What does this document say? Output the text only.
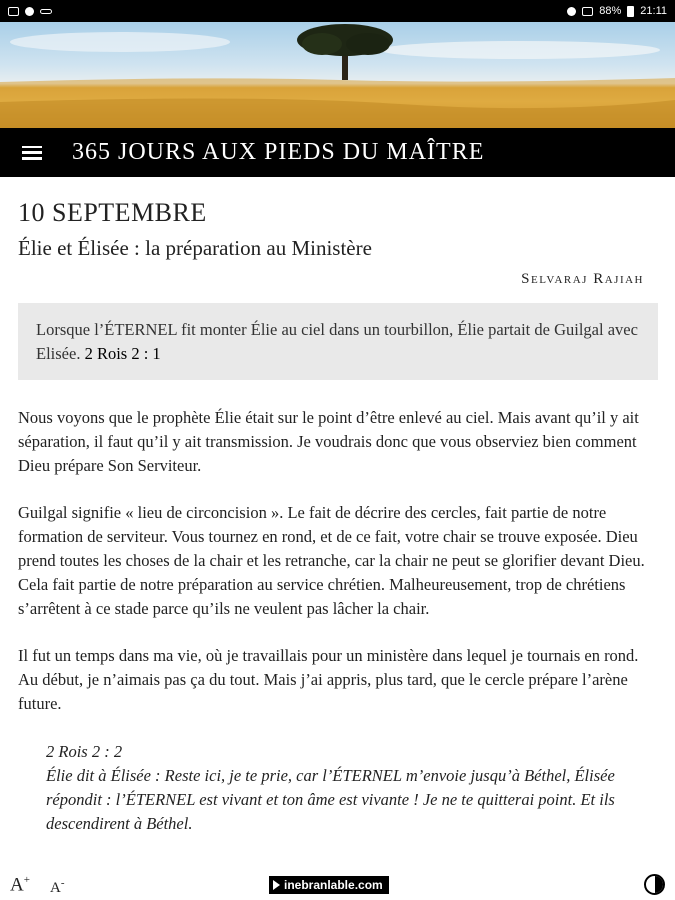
88% 21:11
365 JOURS AUX PIEDS DU MAÎTRE
10 SEPTEMBRE
Élie et Élisée : la préparation au Ministère
Selvaraj Rajiah
Lorsque l’ÉTERNEL fit monter Élie au ciel dans un tourbillon, Élie partait de Guilgal avec Elisée. 2 Rois 2 : 1

Nous voyons que le prophète Élie était sur le point d’être enlevé au ciel. Mais avant qu’il y ait séparation, il faut qu’il y ait transmission. Je voudrais donc que vous observiez bien comment Dieu prépare Son Serviteur.

Guilgal signifie « lieu de circoncision ». Le fait de décrire des cercles, fait partie de notre formation de serviteur. Vous tournez en rond, et de ce fait, votre chair se trouve exposée. Dieu prend toutes les choses de la chair et les retranche, car la chair ne peut se glorifier devant Dieu. Cela fait partie de notre préparation au service chrétien. Malheureusement, trop de chrétiens s’arrêtent à ce stade parce qu’ils ne veulent pas lâcher la chair.

Il fut un temps dans ma vie, où je travaillais pour un ministère dans lequel je tournais en rond. Au début, je n’aimais pas ça du tout. Mais j’ai appris, plus tard, que le cercle prépare l’arène future.

2 Rois 2 : 2
Élie dit à Élisée : Reste ici, je te prie, car l’ÉTERNEL m’envoie jusqu’à Béthel, Élisée répondit : l’ÉTERNEL est vivant et ton âme est vivante ! Je ne te quitterai point. Et ils descendirent à Béthel.
A+ A-	inebranlable.com
